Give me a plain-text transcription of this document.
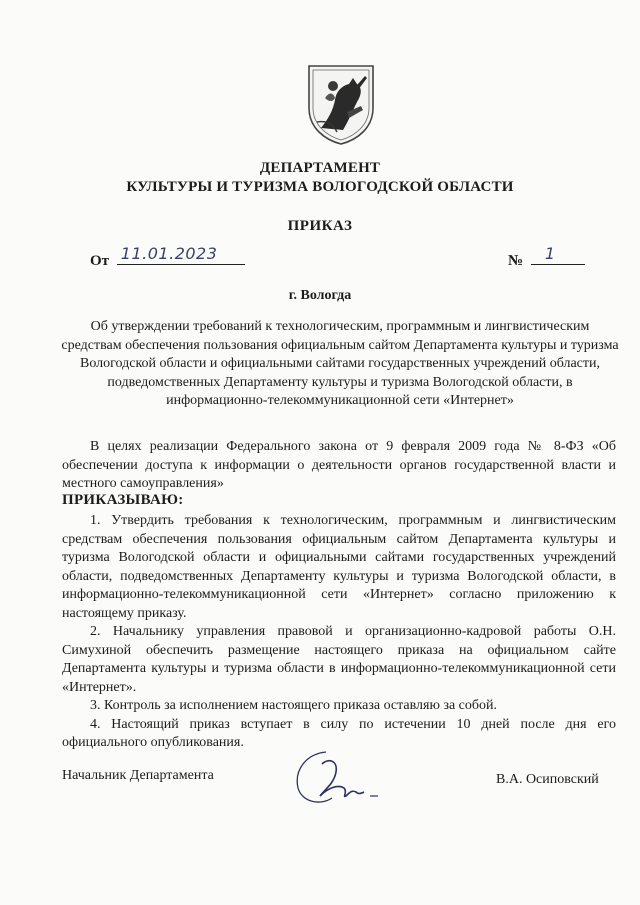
ДЕПАРТАМЕНТ
КУЛЬТУРЫ И ТУРИЗМА ВОЛОГОДСКОЙ ОБЛАСТИ
ПРИКАЗ
От 11.01.2023	№ 1
г. Вологда
Об утверждении требований к технологическим, программным и лингвистическим средствам обеспечения пользования официальным сайтом Департамента культуры и туризма Вологодской области и официальными сайтами государственных учреждений области, подведомственных Департаменту культуры и туризма Вологодской области, в информационно-телекоммуникационной сети «Интернет»
В целях реализации Федерального закона от 9 февраля 2009 года № 8-ФЗ «Об обеспечении доступа к информации о деятельности органов государственной власти и местного самоуправления»
ПРИКАЗЫВАЮ:

1. Утвердить требования к технологическим, программным и лингвистическим средствам обеспечения пользования официальным сайтом Департамента культуры и туризма Вологодской области и официальными сайтами государственных учреждений области, подведомственных Департаменту культуры и туризма Вологодской области, в информационно-телекоммуникационной сети «Интернет» согласно приложению к настоящему приказу.

2. Начальнику управления правовой и организационно-кадровой работы О.Н. Симухиной обеспечить размещение настоящего приказа на официальном сайте Департамента культуры и туризма области в информационно-телекоммуникационной сети «Интернет».

3. Контроль за исполнением настоящего приказа оставляю за собой.

4. Настоящий приказ вступает в силу по истечении 10 дней после дня его официального опубликования.

Начальник Департамента	В.А. Осиповский
